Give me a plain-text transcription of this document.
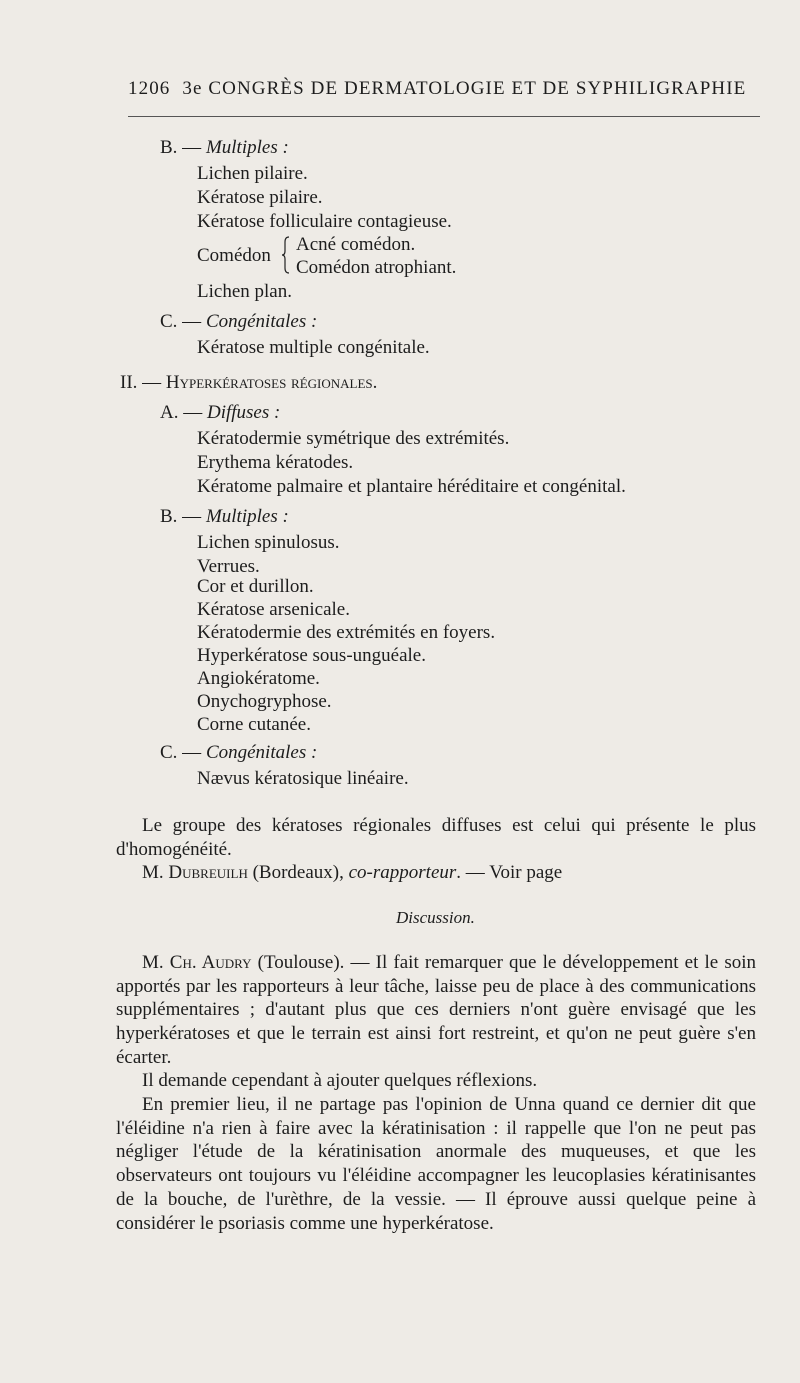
1206 3e CONGRÈS DE DERMATOLOGIE ET DE SYPHILIGRAPHIE
B. — Multiples :
Lichen pilaire.
Kératose pilaire.
Kératose folliculaire contagieuse.
Comédon
Acné comédon.
Comédon atrophiant.
Lichen plan.
C. — Congénitales :
Kératose multiple congénitale.
II. — Hyperkératoses régionales.
A. — Diffuses :
Kératodermie symétrique des extrémités.
Erythema kératodes.
Kératome palmaire et plantaire héréditaire et congénital.
B. — Multiples :
Lichen spinulosus.
Verrues.
Cor et durillon.
Kératose arsenicale.
Kératodermie des extrémités en foyers.
Hyperkératose sous-unguéale.
Angiokératome.
Onychogryphose.
Corne cutanée.
C. — Congénitales :
Nævus kératosique linéaire.

Le groupe des kératoses régionales diffuses est celui qui présente le plus d'homogénéité.

M. Dubreuilh (Bordeaux), co-rapporteur. — Voir page

Discussion.

M. Ch. Audry (Toulouse). — Il fait remarquer que le développement et le soin apportés par les rapporteurs à leur tâche, laisse peu de place à des communications supplémentaires ; d'autant plus que ces derniers n'ont guère envisagé que les hyperkératoses et que le terrain est ainsi fort restreint, et qu'on ne peut guère s'en écarter.

Il demande cependant à ajouter quelques réflexions.

En premier lieu, il ne partage pas l'opinion de Unna quand ce dernier dit que l'éléidine n'a rien à faire avec la kératinisation : il rappelle que l'on ne peut pas négliger l'étude de la kératinisation anormale des muqueuses, et que les observateurs ont toujours vu l'éléidine accompagner les leucoplasies kératinisantes de la bouche, de l'urèthre, de la vessie. — Il éprouve aussi quelque peine à considérer le psoriasis comme une hyperkératose.
